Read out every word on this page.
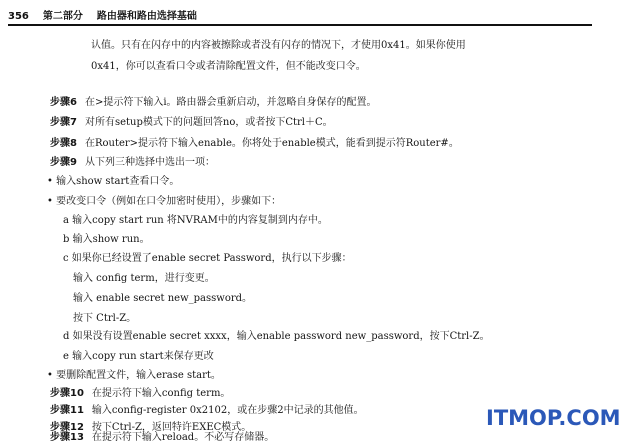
356 第二部分 路由器和路由选择基础
认值。只有在闪存中的内容被擦除或者没有闪存的情况下，才使用0x41。如果你使用
0x41，你可以查看口令或者清除配置文件，但不能改变口令。
步骤6 在>提示符下输入i。路由器会重新启动，并忽略自身保存的配置。
步骤7 对所有setup模式下的问题回答no，或者按下Ctrl＋C。
步骤8 在Router>提示符下输入enable。你将处于enable模式，能看到提示符Router#。
步骤9 从下列三种选择中选出一项：
• 输入show start查看口令。
• 要改变口令（例如在口令加密时使用），步骤如下：
a 输入copy start run 将NVRAM中的内容复制到内存中。
b 输入show run。
c 如果你已经设置了enable secret Password，执行以下步骤：
输入 config term，进行变更。
输入 enable secret new_password。
按下 Ctrl-Z。
d 如果没有设置enable secret xxxx，输入enable password new_password，按下Ctrl-Z。
e 输入copy run start来保存更改
• 要删除配置文件，输入erase start。
步骤10 在提示符下输入config term。
步骤11 输入config-register 0x2102，或在步骤2中记录的其他值。
步骤12 按下Ctrl-Z，返回特许EXEC模式。
步骤13 在提示符下输入reload。不必写存储器。
ITMOP.COM
